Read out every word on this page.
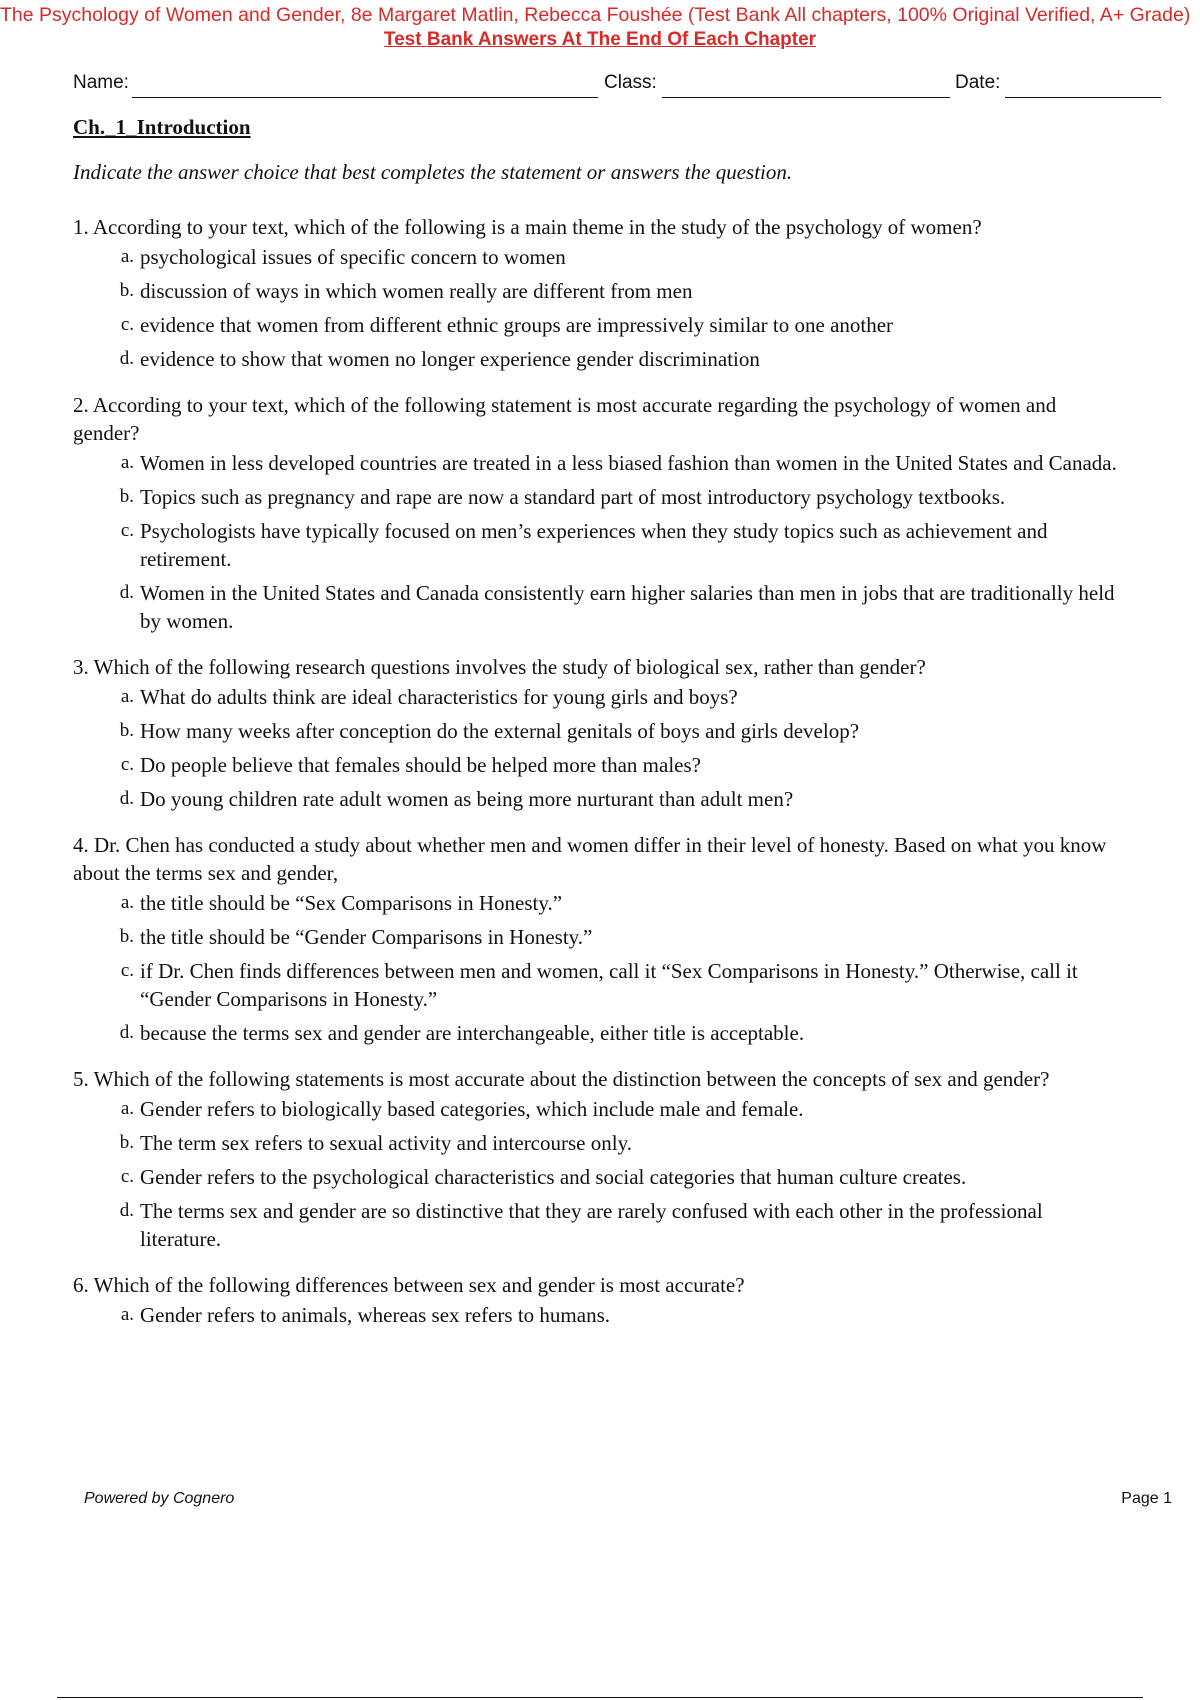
The Psychology of Women and Gender, 8e Margaret Matlin, Rebecca Foushée (Test Bank All chapters, 100% Original Verified, A+ Grade)
Test Bank Answers At The End Of Each Chapter
Name:	Class:	Date:
Ch._1_Introduction
Indicate the answer choice that best completes the statement or answers the question.
1. According to your text, which of the following is a main theme in the study of the psychology of women?
a. psychological issues of specific concern to women
b. discussion of ways in which women really are different from men
c. evidence that women from different ethnic groups are impressively similar to one another
d. evidence to show that women no longer experience gender discrimination
2. According to your text, which of the following statement is most accurate regarding the psychology of women and gender?
a. Women in less developed countries are treated in a less biased fashion than women in the United States and Canada.
b. Topics such as pregnancy and rape are now a standard part of most introductory psychology textbooks.
c. Psychologists have typically focused on men’s experiences when they study topics such as achievement and retirement.
d. Women in the United States and Canada consistently earn higher salaries than men in jobs that are traditionally held by women.
3. Which of the following research questions involves the study of biological sex, rather than gender?
a. What do adults think are ideal characteristics for young girls and boys?
b. How many weeks after conception do the external genitals of boys and girls develop?
c. Do people believe that females should be helped more than males?
d. Do young children rate adult women as being more nurturant than adult men?
4. Dr. Chen has conducted a study about whether men and women differ in their level of honesty. Based on what you know about the terms sex and gender,
a. the title should be “Sex Comparisons in Honesty.”
b. the title should be “Gender Comparisons in Honesty.”
c. if Dr. Chen finds differences between men and women, call it “Sex Comparisons in Honesty.” Otherwise, call it “Gender Comparisons in Honesty.”
d. because the terms sex and gender are interchangeable, either title is acceptable.
5. Which of the following statements is most accurate about the distinction between the concepts of sex and gender?
a. Gender refers to biologically based categories, which include male and female.
b. The term sex refers to sexual activity and intercourse only.
c. Gender refers to the psychological characteristics and social categories that human culture creates.
d. The terms sex and gender are so distinctive that they are rarely confused with each other in the professional literature.
6. Which of the following differences between sex and gender is most accurate?
a. Gender refers to animals, whereas sex refers to humans.
Powered by Cognero	Page 1
